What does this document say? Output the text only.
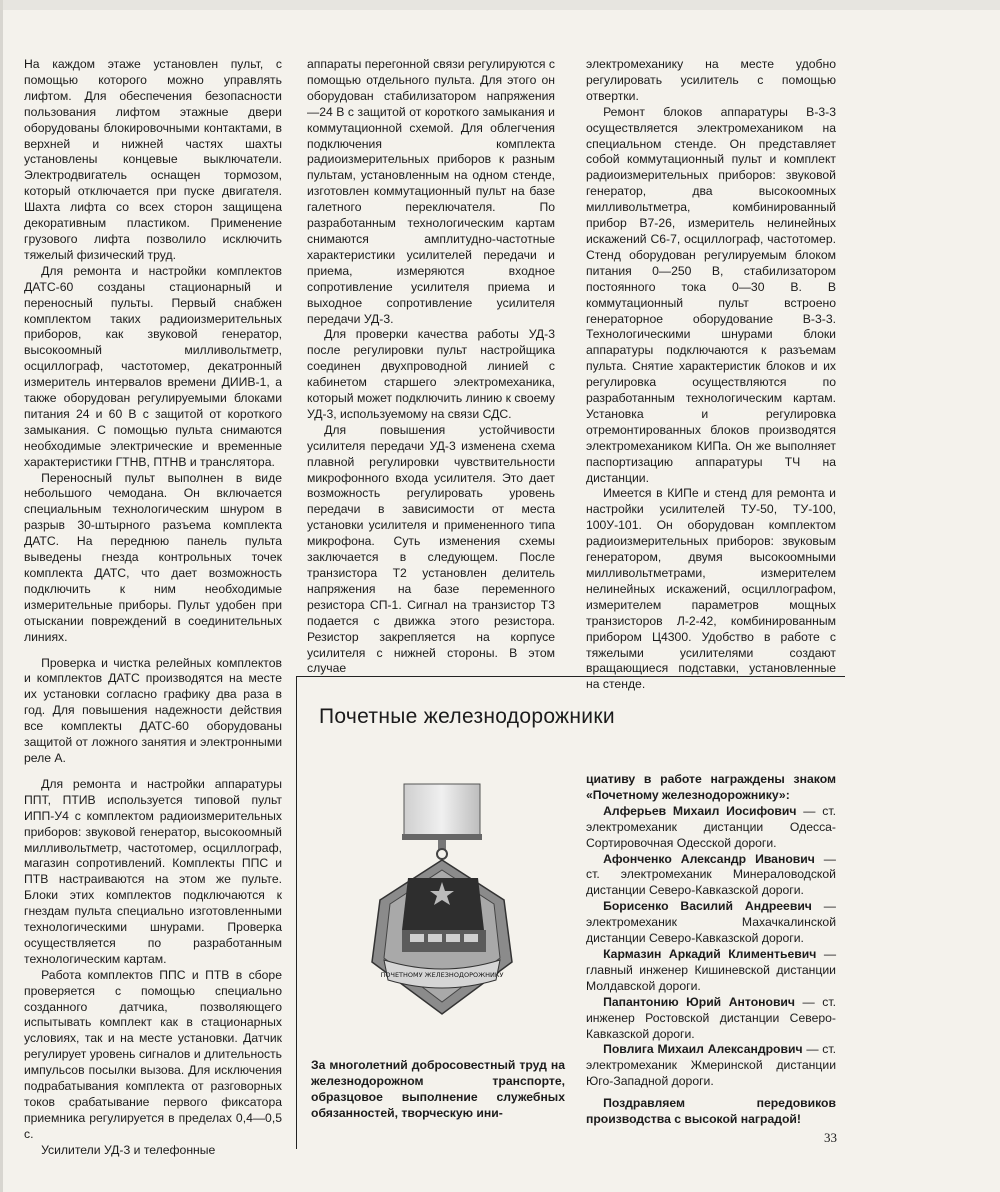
На каждом этаже установлен пульт, с помощью которого можно управлять лифтом. Для обеспечения безопасности пользования лифтом этажные двери оборудованы блокировочными контактами, в верхней и нижней частях шахты установлены концевые выключатели. Электродвигатель оснащен тормозом, который отключается при пуске двигателя. Шахта лифта со всех сторон защищена декоративным пластиком. Применение грузового лифта позволило исключить тяжелый физический труд.

Для ремонта и настройки комплектов ДАТС-60 созданы стационарный и переносный пульты. Первый снабжен комплектом таких радиоизмерительных приборов, как звуковой генератор, высокоомный милливольтметр, осциллограф, частотомер, декатронный измеритель интервалов времени ДИИВ-1, а также оборудован регулируемыми блоками питания 24 и 60 В с защитой от короткого замыкания. С помощью пульта снимаются необходимые электрические и временные характеристики ГТНВ, ПТНВ и транслятора.

Переносный пульт выполнен в виде небольшого чемодана. Он включается специальным технологическим шнуром в разрыв 30-штырного разъема комплекта ДАТС. На переднюю панель пульта выведены гнезда контрольных точек комплекта ДАТС, что дает возможность подключить к ним необходимые измерительные приборы. Пульт удобен при отыскании повреждений в соединительных линиях.

Проверка и чистка релейных комплектов и комплектов ДАТС производятся на месте их установки согласно графику два раза в год. Для повышения надежности действия все комплекты ДАТС-60 оборудованы защитой от ложного занятия и электронными реле А.

Для ремонта и настройки аппаратуры ППТ, ПТИВ используется типовой пульт ИПП-У4 с комплектом радиоизмерительных приборов: звуковой генератор, высокоомный милливольтметр, частотомер, осциллограф, магазин сопротивлений. Комплекты ППС и ПТВ настраиваются на этом же пульте. Блоки этих комплектов подключаются к гнездам пульта специально изготовленными технологическими шнурами. Проверка осуществляется по разработанным технологическим картам.

Работа комплектов ППС и ПТВ в сборе проверяется с помощью специально созданного датчика, позволяющего испытывать комплект как в стационарных условиях, так и на месте установки. Датчик регулирует уровень сигналов и длительность импульсов посылки вызова. Для исключения подрабатывания комплекта от разговорных токов срабатывание первого фиксатора приемника регулируется в пределах 0,4—0,5 с.

Усилители УД-3 и телефонные

аппараты перегонной связи регулируются с помощью отдельного пульта. Для этого он оборудован стабилизатором напряжения —24 В с защитой от короткого замыкания и коммутационной схемой. Для облегчения подключения комплекта радиоизмерительных приборов к разным пультам, установленным на одном стенде, изготовлен коммутационный пульт на базе галетного переключателя. По разработанным технологическим картам снимаются амплитудно-частотные характеристики усилителей передачи и приема, измеряются входное сопротивление усилителя приема и выходное сопротивление усилителя передачи УД-3.

Для проверки качества работы УД-3 после регулировки пульт настройщика соединен двухпроводной линией с кабинетом старшего электромеханика, который может подключить линию к своему УД-3, используемому на связи СДС.

Для повышения устойчивости усилителя передачи УД-3 изменена схема плавной регулировки чувствительности микрофонного входа усилителя. Это дает возможность регулировать уровень передачи в зависимости от места установки усилителя и примененного типа микрофона. Суть изменения схемы заключается в следующем. После транзистора Т2 установлен делитель напряжения на базе переменного резистора СП-1. Сигнал на транзистор Т3 подается с движка этого резистора. Резистор закрепляется на корпусе усилителя с нижней стороны. В этом случае

электромеханику на месте удобно регулировать усилитель с помощью отвертки.

Ремонт блоков аппаратуры В-3-3 осуществляется электромехаником на специальном стенде. Он представляет собой коммутационный пульт и комплект радиоизмерительных приборов: звуковой генератор, два высокоомных милливольтметра, комбинированный прибор В7-26, измеритель нелинейных искажений С6-7, осциллограф, частотомер. Стенд оборудован регулируемым блоком питания 0—250 В, стабилизатором постоянного тока 0—30 В. В коммутационный пульт встроено генераторное оборудование В-3-3. Технологическими шнурами блоки аппаратуры подключаются к разъемам пульта. Снятие характеристик блоков и их регулировка осуществляются по разработанным технологическим картам. Установка и регулировка отремонтированных блоков производятся электромехаником КИПа. Он же выполняет паспортизацию аппаратуры ТЧ на дистанции.

Имеется в КИПе и стенд для ремонта и настройки усилителей ТУ-50, ТУ-100, 100У-101. Он оборудован комплектом радиоизмерительных приборов: звуковым генератором, двумя высокоомными милливольтметрами, измерителем нелинейных искажений, осциллографом, измерителем параметров мощных транзисторов Л-2-42, комбинированным прибором Ц4300. Удобство в работе с тяжелыми усилителями создают вращающиеся подставки, установленные на стенде.

Почетные железнодорожники
ПОЧЕТНОМУ ЖЕЛЕЗНОДОРОЖНИКУ
За многолетний добросовестный труд на железнодорожном транспорте, образцовое выполнение служебных обязанностей, творческую ини-

циативу в работе награждены знаком «Почетному железнодорожнику»:

Алферьев Михаил Иосифович — ст. электромеханик дистанции Одесса-Сортировочная Одесской дороги.

Афонченко Александр Иванович — ст. электромеханик Минераловодской дистанции Северо-Кавказской дороги.

Борисенко Василий Андреевич — электромеханик Махачкалинской дистанции Северо-Кавказской дороги.

Кармазин Аркадий Климентьевич — главный инженер Кишиневской дистанции Молдавской дороги.

Папантонию Юрий Антонович — ст. инженер Ростовской дистанции Северо-Кавказской дороги.

Повлига Михаил Александрович — ст. электромеханик Жмеринской дистанции Юго-Западной дороги.

Поздравляем передовиков производства с высокой наградой!

33
